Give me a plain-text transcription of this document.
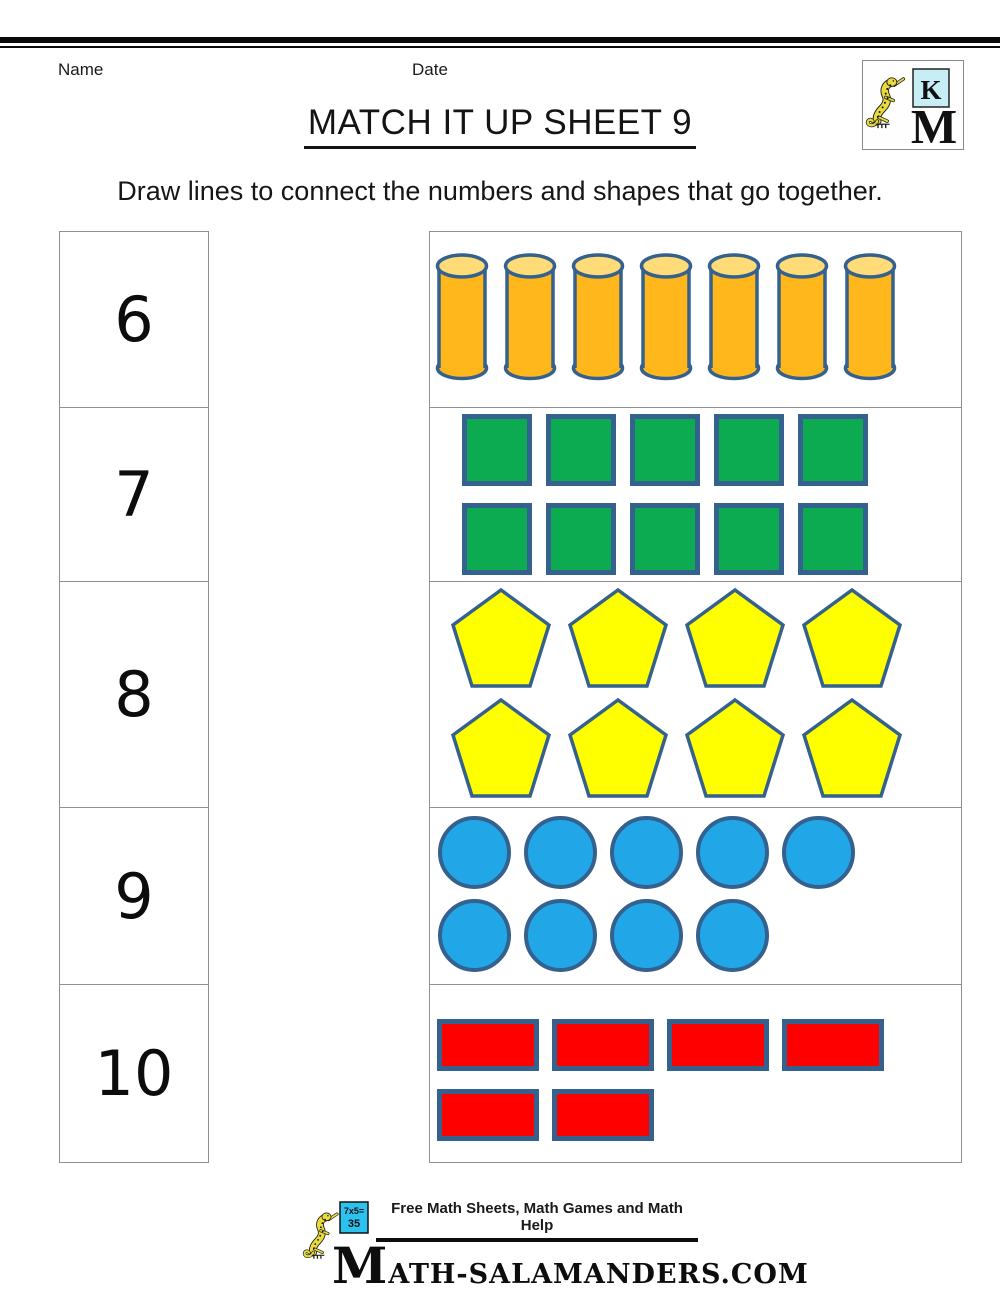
Name	Date
K
M
MATCH IT UP SHEET 9
Draw lines to connect the numbers and shapes that go together.
6
7
8
9
10
7x5=
35
Free Math Sheets, Math Games and Math Help
MATH-SALAMANDERS.COM
